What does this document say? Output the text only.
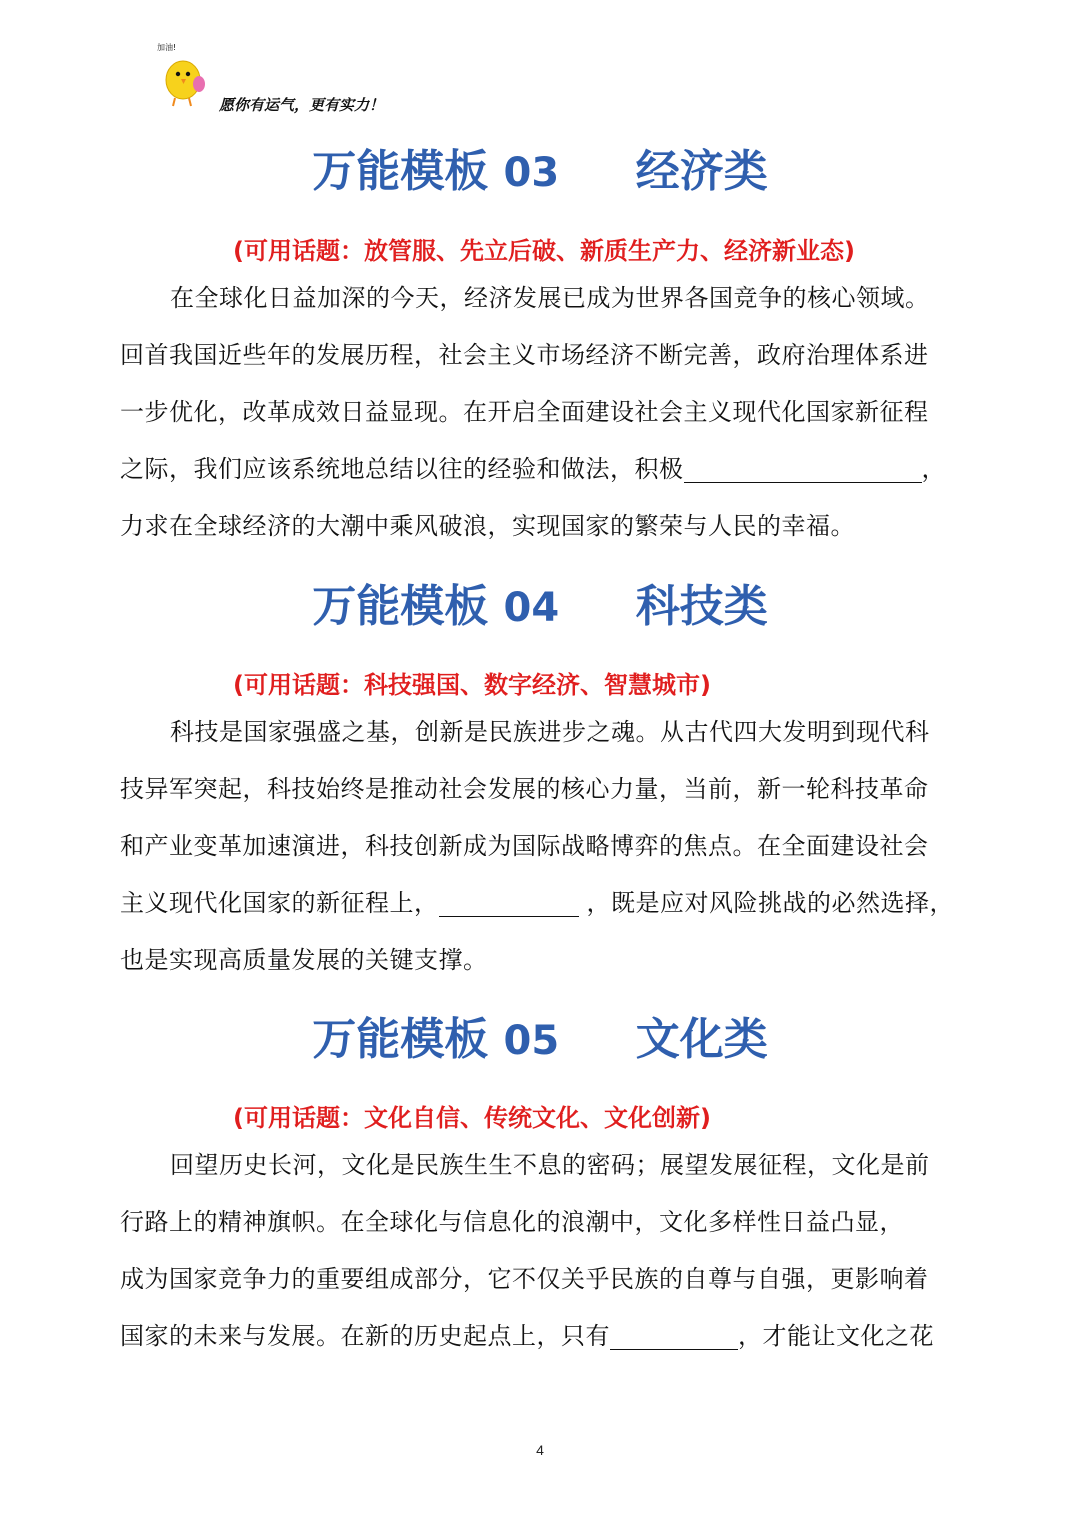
加油!
愿你有运气，更有实力！
万能模板 03 经济类
(可用话题：放管服、先立后破、新质生产力、经济新业态)
在全球化日益加深的今天，经济发展已成为世界各国竞争的核心领域。
回首我国近些年的发展历程，社会主义市场经济不断完善，政府治理体系进
一步优化，改革成效日益显现。在开启全面建设社会主义现代化国家新征程
之际，我们应该系统地总结以往的经验和做法，积极	，
力求在全球经济的大潮中乘风破浪，实现国家的繁荣与人民的幸福。
万能模板 04 科技类
(可用话题：科技强国、数字经济、智慧城市)
科技是国家强盛之基，创新是民族进步之魂。从古代四大发明到现代科
技异军突起，科技始终是推动社会发展的核心力量，当前，新一轮科技革命
和产业变革加速演进，科技创新成为国际战略博弈的焦点。在全面建设社会
主义现代化国家的新征程上，	，既是应对风险挑战的必然选择，
也是实现高质量发展的关键支撑。
万能模板 05 文化类
(可用话题：文化自信、传统文化、文化创新)
回望历史长河，文化是民族生生不息的密码；展望发展征程，文化是前
行路上的精神旗帜。在全球化与信息化的浪潮中，文化多样性日益凸显，
成为国家竞争力的重要组成部分，它不仅关乎民族的自尊与自强，更影响着
国家的未来与发展。在新的历史起点上，只有	，才能让文化之花
4
